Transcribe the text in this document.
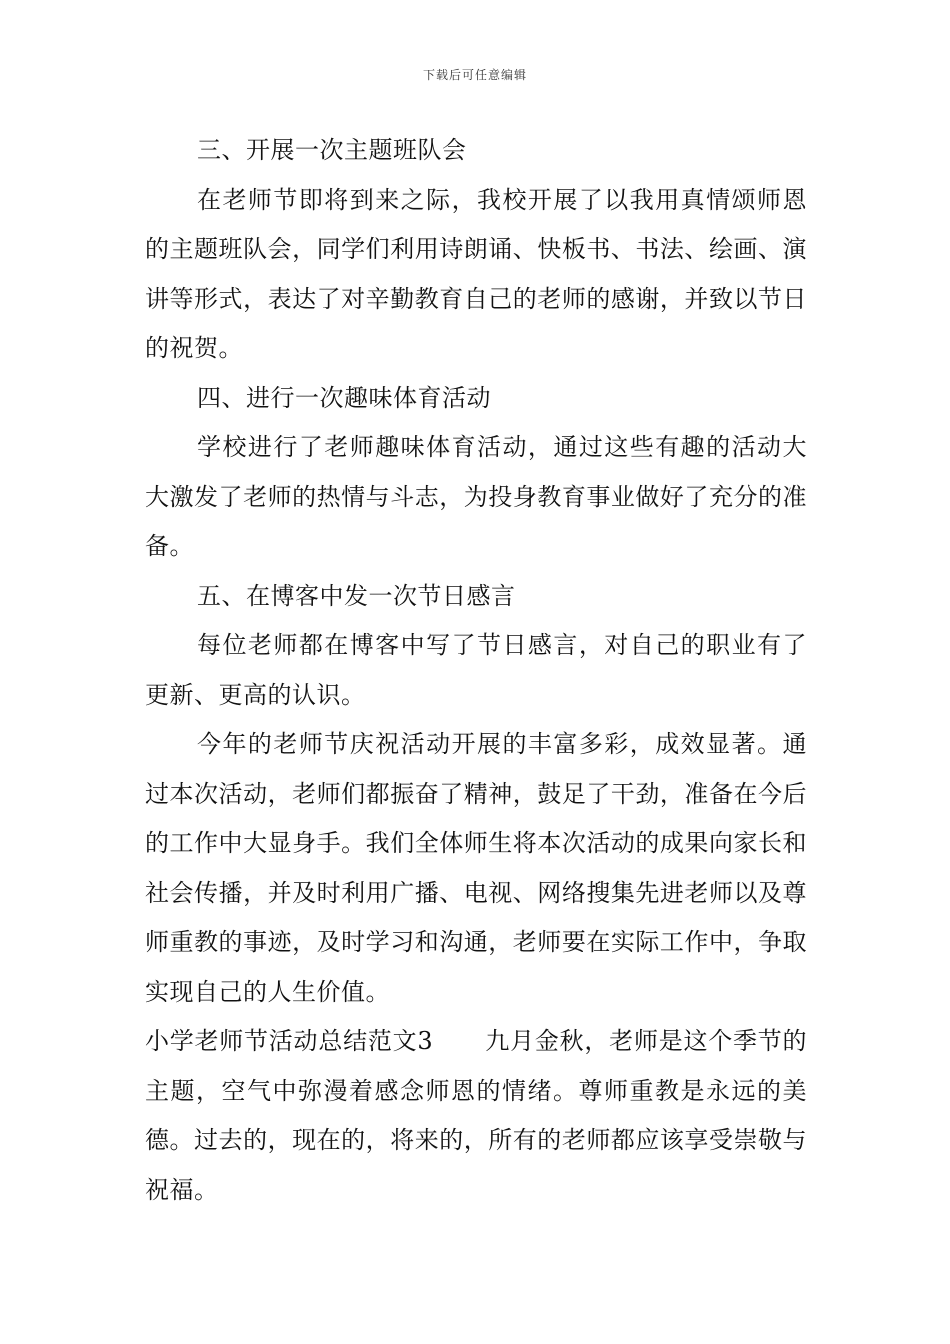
下载后可任意编辑

三、开展一次主题班队会

在老师节即将到来之际，我校开展了以我用真情颂师恩的主题班队会，同学们利用诗朗诵、快板书、书法、绘画、演讲等形式，表达了对辛勤教育自己的老师的感谢，并致以节日的祝贺。

四、进行一次趣味体育活动

学校进行了老师趣味体育活动，通过这些有趣的活动大大激发了老师的热情与斗志，为投身教育事业做好了充分的准备。

五、在博客中发一次节日感言

每位老师都在博客中写了节日感言，对自己的职业有了更新、更高的认识。

今年的老师节庆祝活动开展的丰富多彩，成效显著。通过本次活动，老师们都振奋了精神，鼓足了干劲，准备在今后的工作中大显身手。我们全体师生将本次活动的成果向家长和社会传播，并及时利用广播、电视、网络搜集先进老师以及尊师重教的事迹，及时学习和沟通，老师要在实际工作中，争取实现自己的人生价值。

小学老师节活动总结范文3 九月金秋，老师是这个季节的主题，空气中弥漫着感念师恩的情绪。尊师重教是永远的美德。过去的，现在的，将来的，所有的老师都应该享受崇敬与祝福。
